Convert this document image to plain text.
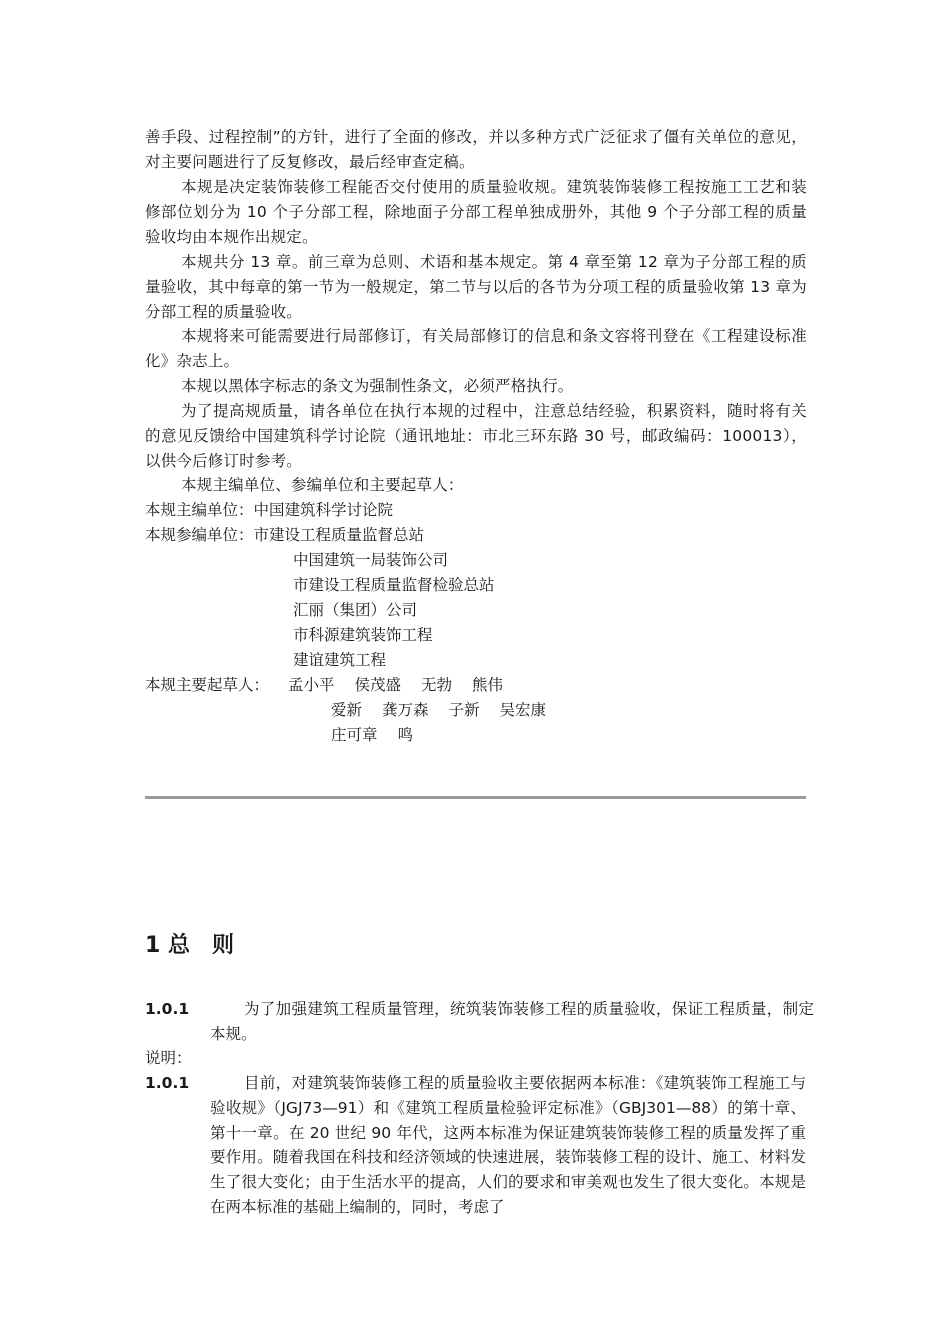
善手段、过程控制”的方针，进行了全面的修改，并以多种方式广泛征求了僵有关单位的意见，对主要问题进行了反复修改，最后经审查定稿。

本规是决定装饰装修工程能否交付使用的质量验收规。建筑装饰装修工程按施工工艺和装修部位划分为 10 个子分部工程，除地面子分部工程单独成册外，其他 9 个子分部工程的质量验收均由本规作出规定。

本规共分 13 章。前三章为总则、术语和基本规定。第 4 章至第 12 章为子分部工程的质量验收，其中每章的第一节为一般规定，第二节与以后的各节为分项工程的质量验收第 13 章为分部工程的质量验收。

本规将来可能需要进行局部修订，有关局部修订的信息和条文容将刊登在《工程建设标准化》杂志上。

本规以黑体字标志的条文为强制性条文，必须严格执行。

为了提高规质量，请各单位在执行本规的过程中，注意总结经验，积累资料，随时将有关的意见反馈给中国建筑科学讨论院（通讯地址：市北三环东路 30 号，邮政编码：100013），以供今后修订时参考。

本规主编单位、参编单位和主要起草人：

本规主编单位：中国建筑科学讨论院
本规参编单位：市建设工程质量监督总站
中国建筑一局装饰公司
市建设工程质量监督检验总站
汇丽（集团）公司
市科源建筑装饰工程
建谊建筑工程
本规主要起草人： 孟小平 侯茂盛 无勃 熊伟
爱新 龚万森 子新 吴宏康
庄可章 鸣
1 总 则
1.0.1	为了加强建筑工程质量管理，统筑装饰装修工程的质量验收，保证工程质量，制定本规。

说明：
1.0.1	目前，对建筑装饰装修工程的质量验收主要依据两本标准：《建筑装饰工程施工与验收规》（JGJ73—91）和《建筑工程质量检验评定标准》（GBJ301—88）的第十章、第十一章。在 20 世纪 90 年代，这两本标准为保证建筑装饰装修工程的质量发挥了重要作用。随着我国在科技和经济领域的快速进展，装饰装修工程的设计、施工、材料发生了很大变化；由于生活水平的提高，人们的要求和审美观也发生了很大变化。本规是在两本标准的基础上编制的，同时，考虑了
